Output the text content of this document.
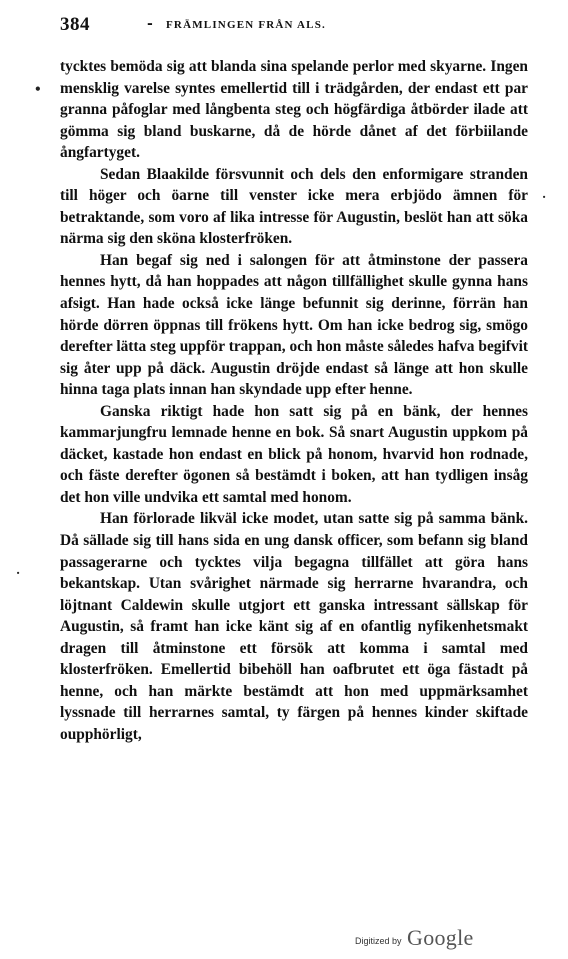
384	- FRÄMLINGEN FRÅN ALS.
•
·
·

tycktes bemöda sig att blanda sina spelande perlor med skyarne. Ingen mensklig varelse syntes emellertid till i trädgården, der endast ett par granna påfoglar med långbenta steg och högfärdiga åtbörder ilade att gömma sig bland buskarne, då de hörde dånet af det förbiilande ångfartyget.

Sedan Blaakilde försvunnit och dels den enformigare stranden till höger och öarne till venster icke mera erbjödo ämnen för betraktande, som voro af lika intresse för Augustin, beslöt han att söka närma sig den sköna klosterfröken.

Han begaf sig ned i salongen för att åtminstone der passera hennes hytt, då han hoppades att någon tillfällighet skulle gynna hans afsigt. Han hade också icke länge befunnit sig derinne, förrän han hörde dörren öppnas till frökens hytt. Om han icke bedrog sig, smögo derefter lätta steg uppför trappan, och hon måste således hafva begifvit sig åter upp på däck. Augustin dröjde endast så länge att hon skulle hinna taga plats innan han skyndade upp efter henne.

Ganska riktigt hade hon satt sig på en bänk, der hennes kammarjungfru lemnade henne en bok. Så snart Augustin uppkom på däcket, kastade hon endast en blick på honom, hvarvid hon rodnade, och fäste derefter ögonen så bestämdt i boken, att han tydligen insåg det hon ville undvika ett samtal med honom.

Han förlorade likväl icke modet, utan satte sig på samma bänk. Då sällade sig till hans sida en ung dansk officer, som befann sig bland passagerarne och tycktes vilja begagna tillfället att göra hans bekantskap. Utan svårighet närmade sig herrarne hvarandra, och löjtnant Caldewin skulle utgjort ett ganska intressant sällskap för Augustin, så framt han icke känt sig af en ofantlig nyfikenhetsmakt dragen till åtminstone ett försök att komma i samtal med klosterfröken. Emellertid bibehöll han oafbrutet ett öga fästadt på henne, och han märkte bestämdt att hon med uppmärksamhet lyssnade till herrarnes samtal, ty färgen på hennes kinder skiftade oupphörligt,

Digitized by Google
